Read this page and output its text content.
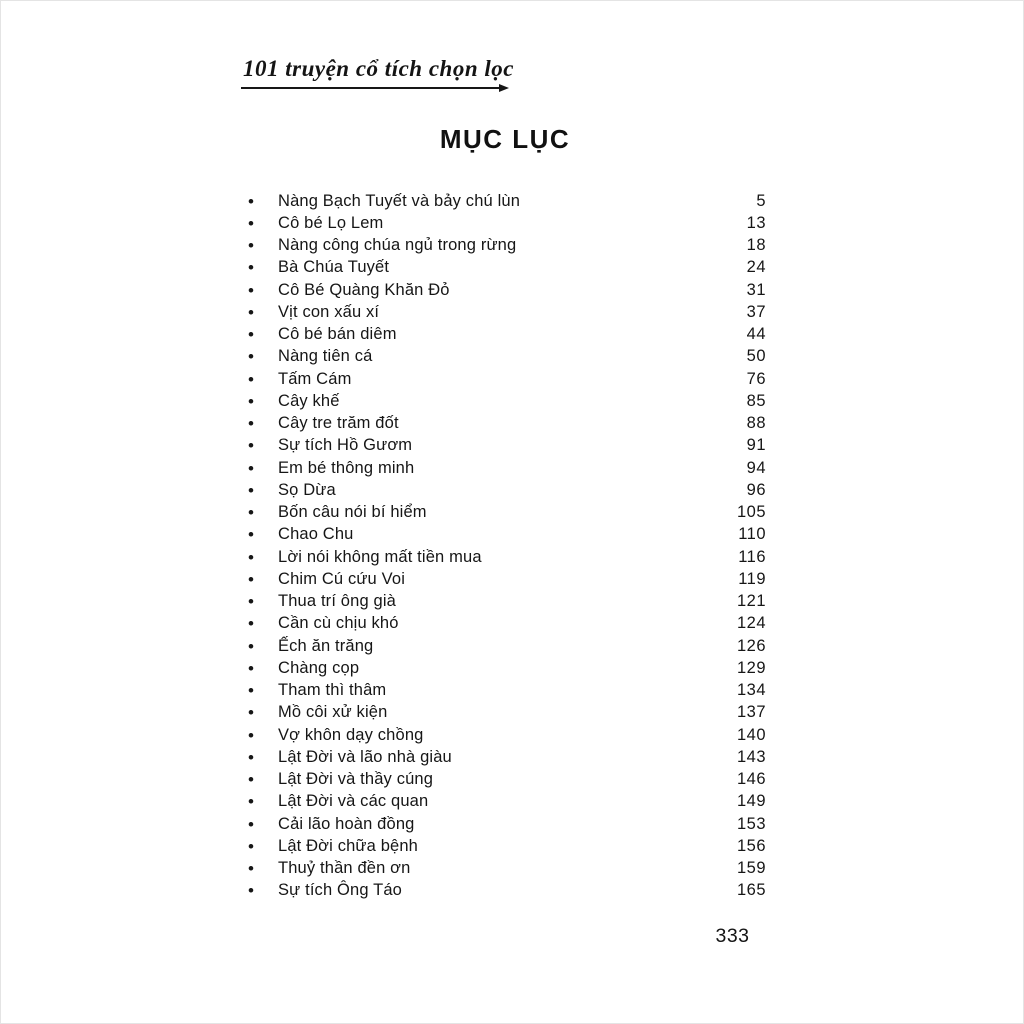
101 truyện cổ tích chọn lọc
MỤC LỤC
•	Nàng Bạch Tuyết và bảy chú lùn	5
•	Cô bé Lọ Lem	13
•	Nàng công chúa ngủ trong rừng	18
•	Bà Chúa Tuyết	24
•	Cô Bé Quàng Khăn Đỏ	31
•	Vịt con xấu xí	37
•	Cô bé bán diêm	44
•	Nàng tiên cá	50
•	Tấm Cám	76
•	Cây khế	85
•	Cây tre trăm đốt	88
•	Sự tích Hồ Gươm	91
•	Em bé thông minh	94
•	Sọ Dừa	96
•	Bốn câu nói bí hiểm	105
•	Chao Chu	110
•	Lời nói không mất tiền mua	116
•	Chim Cú cứu Voi	119
•	Thua trí ông già	121
•	Cần cù chịu khó	124
•	Ếch ăn trăng	126
•	Chàng cọp	129
•	Tham thì thâm	134
•	Mồ côi xử kiện	137
•	Vợ khôn dạy chồng	140
•	Lật Đời và lão nhà giàu	143
•	Lật Đời và thầy cúng	146
•	Lật Đời và các quan	149
•	Cải lão hoàn đồng	153
•	Lật Đời chữa bệnh	156
•	Thuỷ thần đền ơn	159
•	Sự tích Ông Táo	165
333
